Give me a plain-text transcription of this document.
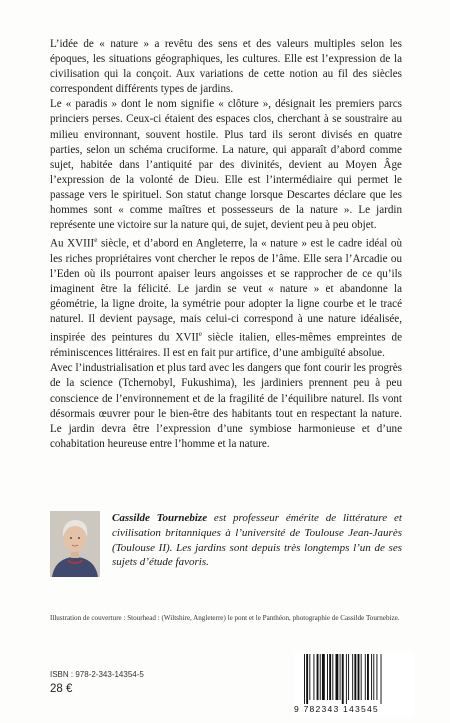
L’idée de « nature » a revêtu des sens et des valeurs multiples selon les époques, les situations géographiques, les cultures. Elle est l’expression de la civilisation qui la conçoit. Aux variations de cette notion au fil des siècles correspondent différents types de jardins.

Le « paradis » dont le nom signifie « clôture », désignait les premiers parcs princiers perses. Ceux-ci étaient des espaces clos, cherchant à se soustraire au milieu environnant, souvent hostile. Plus tard ils seront divisés en quatre parties, selon un schéma cruciforme. La nature, qui apparaît d’abord comme sujet, habitée dans l’antiquité par des divinités, devient au Moyen Âge l’expression de la volonté de Dieu. Elle est l’intermédiaire qui permet le passage vers le spirituel. Son statut change lorsque Descartes déclare que les hommes sont « comme maîtres et possesseurs de la nature ». Le jardin représente une victoire sur la nature qui, de sujet, devient peu à peu objet.

Au XVIIIe siècle, et d’abord en Angleterre, la « nature » est le cadre idéal où les riches propriétaires vont chercher le repos de l’âme. Elle sera l’Arcadie ou l’Eden où ils pourront apaiser leurs angoisses et se rapprocher de ce qu’ils imaginent être la félicité. Le jardin se veut « nature » et abandonne la géométrie, la ligne droite, la symétrie pour adopter la ligne courbe et le tracé naturel. Il devient paysage, mais celui-ci correspond à une nature idéalisée, inspirée des peintures du XVIIe siècle italien, elles-mêmes empreintes de réminiscences littéraires. Il est en fait pur artifice, d’une ambiguïté absolue.

Avec l’industrialisation et plus tard avec les dangers que font courir les progrès de la science (Tchernobyl, Fukushima), les jardiniers prennent peu à peu conscience de l’environnement et de la fragilité de l’équilibre naturel. Ils vont désormais œuvrer pour le bien-être des habitants tout en respectant la nature. Le jardin devra être l’expression d’une symbiose harmonieuse et d’une cohabitation heureuse entre l’homme et la nature.

Cassilde Tournebize est professeur émérite de littérature et civilisation britanniques à l’université de Toulouse Jean-Jaurès (Toulouse II). Les jardins sont depuis très longtemps l’un de ses sujets d’étude favoris.
Illustration de couverture : Stourhead : (Wiltshire, Angleterre) le pont et le Panthéon, photographie de Cassilde Tournebize.
ISBN : 978-2-343-14354-5
28 €
9 782343 143545
